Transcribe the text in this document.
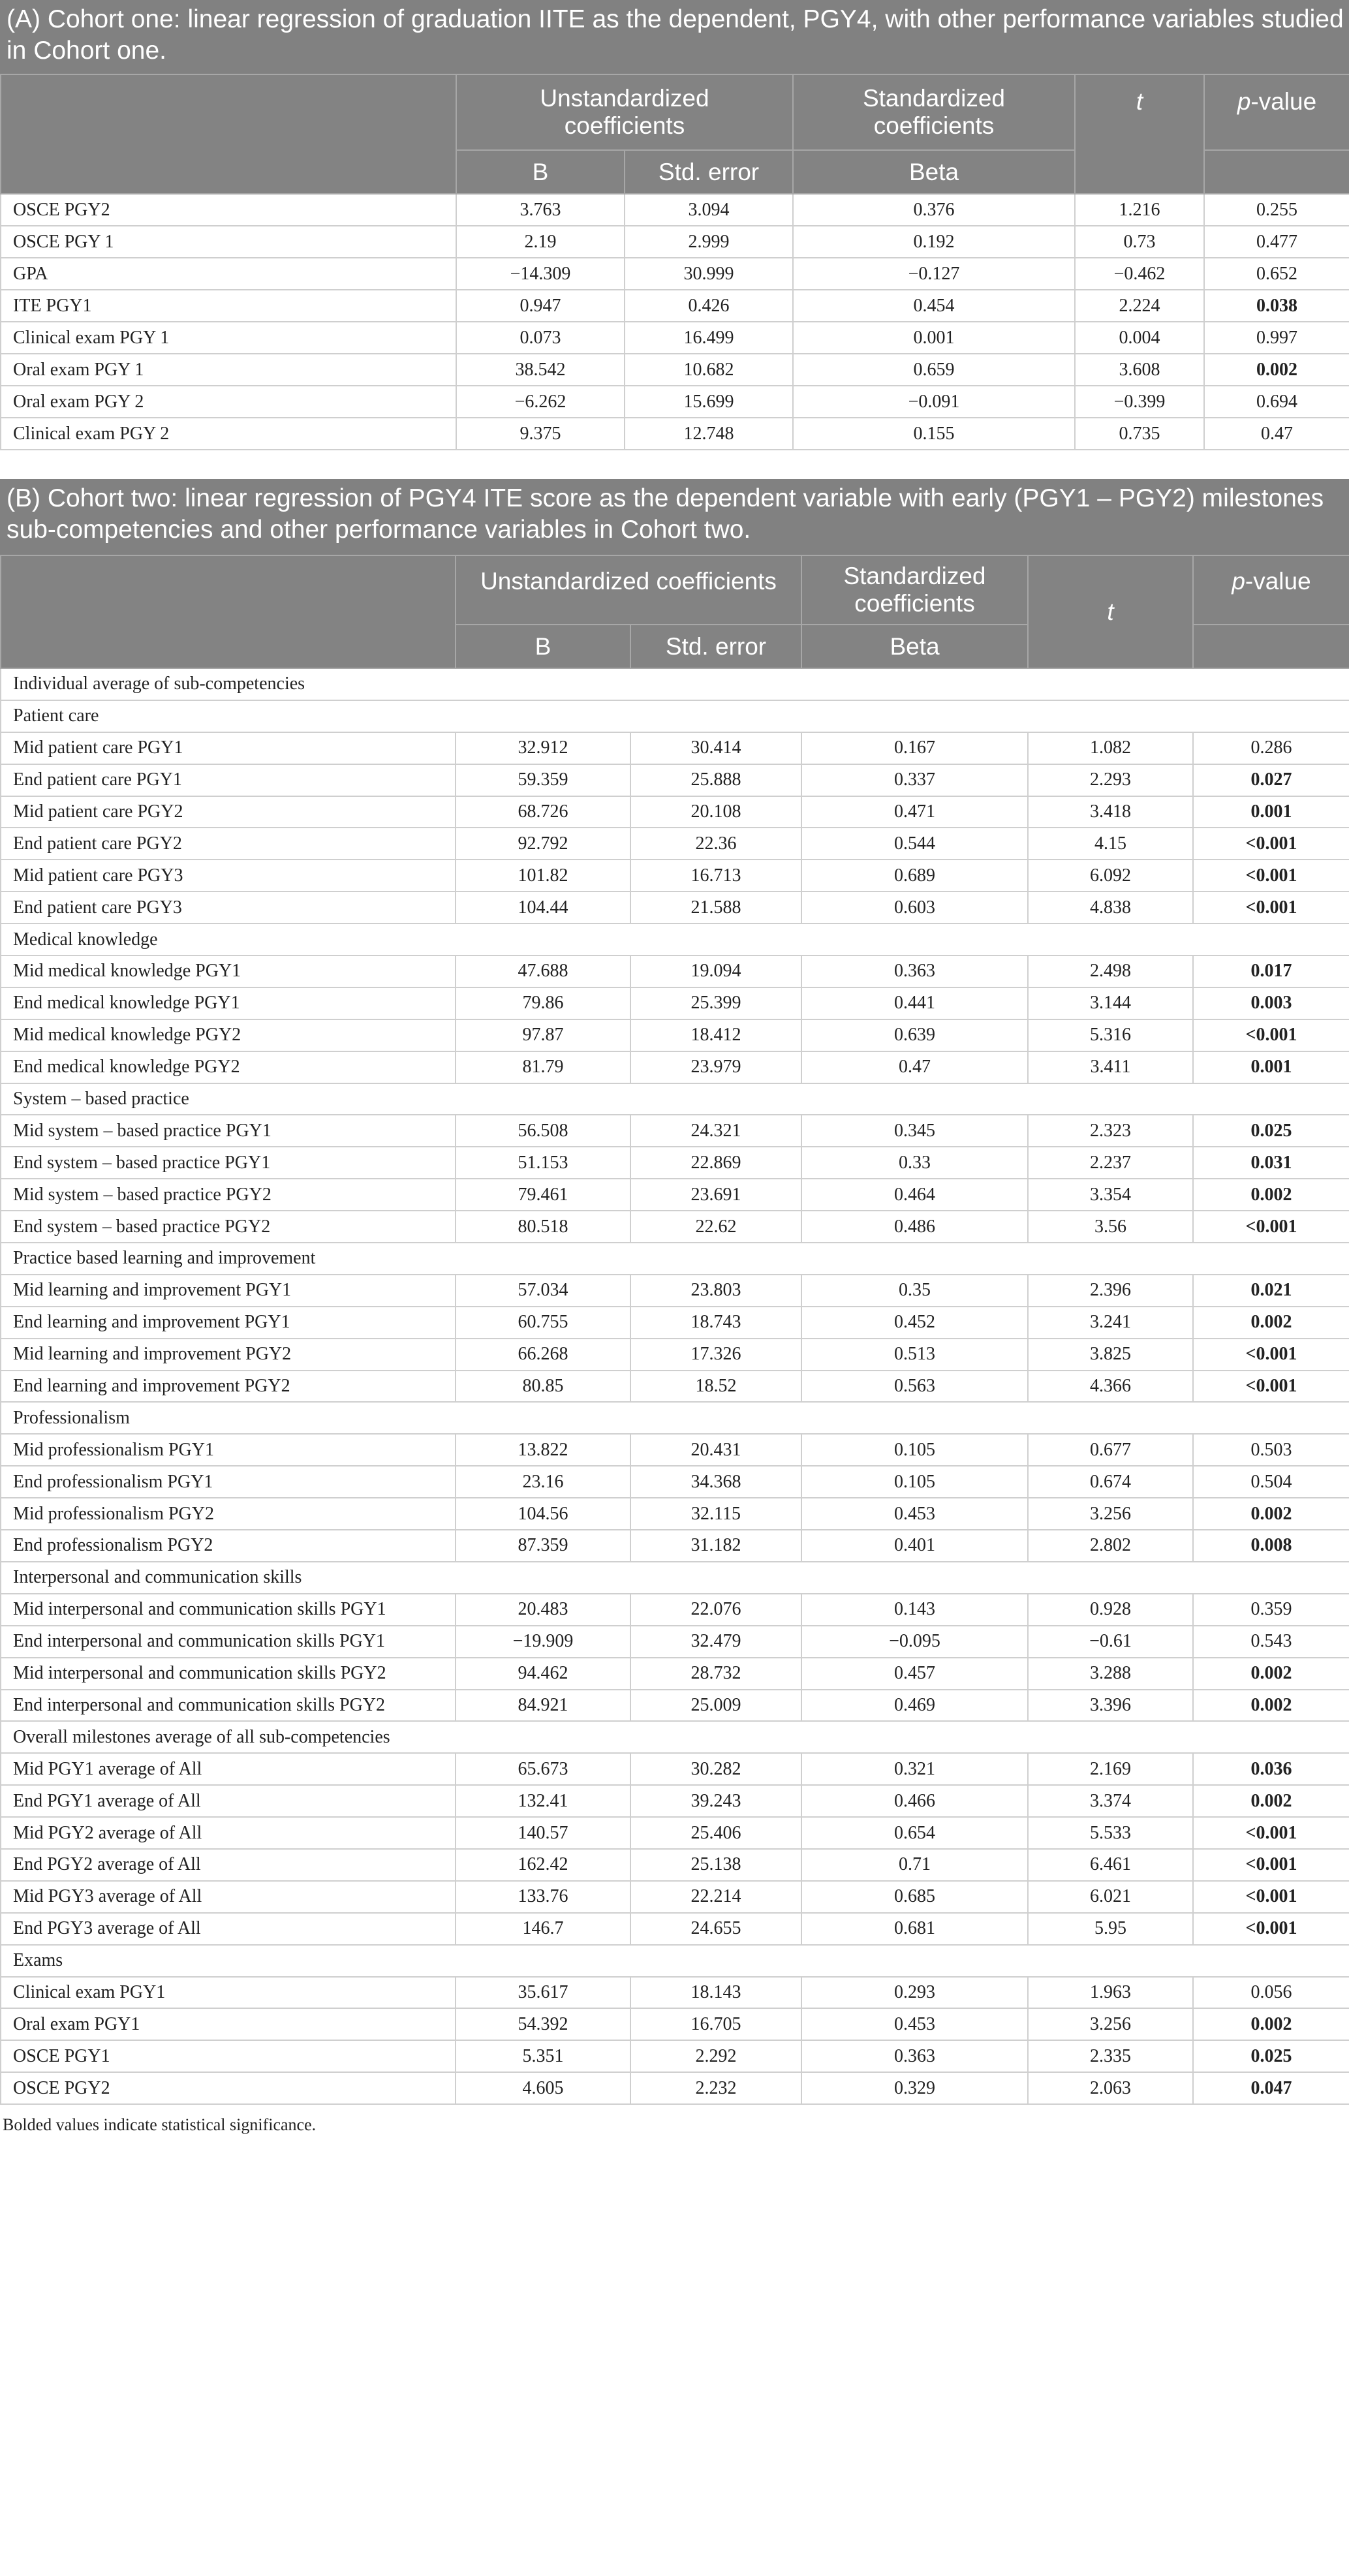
(A) Cohort one: linear regression of graduation IITE as the dependent, PGY4, with other performance variables studied in Cohort one.

	Unstandardized coefficients		Standardized coefficients	t	p-value
	B	Std. error	Beta		
OSCE PGY2	3.763	3.094	0.376	1.216	0.255
OSCE PGY 1	2.19	2.999	0.192	0.73	0.477
GPA	−14.309	30.999	−0.127	−0.462	0.652
ITE PGY1	0.947	0.426	0.454	2.224	0.038
Clinical exam PGY 1	0.073	16.499	0.001	0.004	0.997
Oral exam PGY 1	38.542	10.682	0.659	3.608	0.002
Oral exam PGY 2	−6.262	15.699	−0.091	−0.399	0.694
Clinical exam PGY 2	9.375	12.748	0.155	0.735	0.47
(B) Cohort two: linear regression of PGY4 ITE score as the dependent variable with early (PGY1 – PGY2) milestones sub-competencies and other performance variables in Cohort two.
	Unstandardized coefficients		Standardized coefficients	t	p-value
	B	Std. error	Beta		
Individual average of sub-competencies					
Patient care					
Mid patient care PGY1	32.912	30.414	0.167	1.082	0.286
End patient care PGY1	59.359	25.888	0.337	2.293	0.027
Mid patient care PGY2	68.726	20.108	0.471	3.418	0.001
End patient care PGY2	92.792	22.36	0.544	4.15	<0.001
Mid patient care PGY3	101.82	16.713	0.689	6.092	<0.001
End patient care PGY3	104.44	21.588	0.603	4.838	<0.001
Medical knowledge					
Mid medical knowledge PGY1	47.688	19.094	0.363	2.498	0.017
End medical knowledge PGY1	79.86	25.399	0.441	3.144	0.003
Mid medical knowledge PGY2	97.87	18.412	0.639	5.316	<0.001
End medical knowledge PGY2	81.79	23.979	0.47	3.411	0.001
System – based practice					
Mid system – based practice PGY1	56.508	24.321	0.345	2.323	0.025
End system – based practice PGY1	51.153	22.869	0.33	2.237	0.031
Mid system – based practice PGY2	79.461	23.691	0.464	3.354	0.002
End system – based practice PGY2	80.518	22.62	0.486	3.56	<0.001
Practice based learning and improvement					
Mid learning and improvement PGY1	57.034	23.803	0.35	2.396	0.021
End learning and improvement PGY1	60.755	18.743	0.452	3.241	0.002
Mid learning and improvement PGY2	66.268	17.326	0.513	3.825	<0.001
End learning and improvement PGY2	80.85	18.52	0.563	4.366	<0.001
Professionalism					
Mid professionalism PGY1	13.822	20.431	0.105	0.677	0.503
End professionalism PGY1	23.16	34.368	0.105	0.674	0.504
Mid professionalism PGY2	104.56	32.115	0.453	3.256	0.002
End professionalism PGY2	87.359	31.182	0.401	2.802	0.008
Interpersonal and communication skills					
Mid interpersonal and communication skills PGY1	20.483	22.076	0.143	0.928	0.359
End interpersonal and communication skills PGY1	−19.909	32.479	−0.095	−0.61	0.543
Mid interpersonal and communication skills PGY2	94.462	28.732	0.457	3.288	0.002
End interpersonal and communication skills PGY2	84.921	25.009	0.469	3.396	0.002
Overall milestones average of all sub-competencies					
Mid PGY1 average of All	65.673	30.282	0.321	2.169	0.036
End PGY1 average of All	132.41	39.243	0.466	3.374	0.002
Mid PGY2 average of All	140.57	25.406	0.654	5.533	<0.001
End PGY2 average of All	162.42	25.138	0.71	6.461	<0.001
Mid PGY3 average of All	133.76	22.214	0.685	6.021	<0.001
End PGY3 average of All	146.7	24.655	0.681	5.95	<0.001
Exams					
Clinical exam PGY1	35.617	18.143	0.293	1.963	0.056
Oral exam PGY1	54.392	16.705	0.453	3.256	0.002
OSCE PGY1	5.351	2.292	0.363	2.335	0.025
OSCE PGY2	4.605	2.232	0.329	2.063	0.047
Bolded values indicate statistical significance.
